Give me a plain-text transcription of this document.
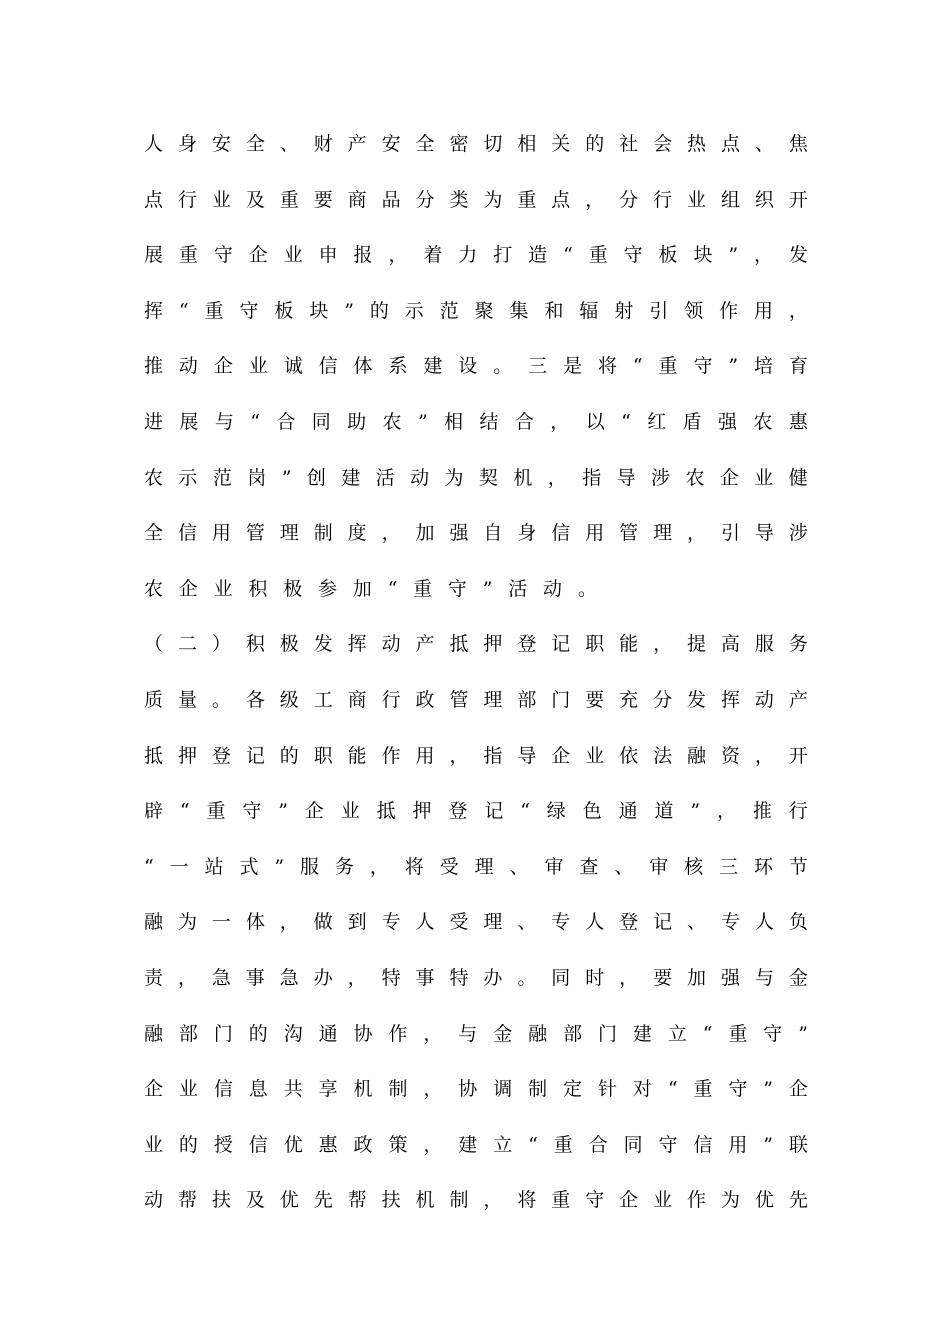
人 身 安 全 、 财 产 安 全 密 切 相 关 的 社 会 热 点 、 焦
点 行 业 及 重 要 商 品 分 类 为 重 点 ， 分 行 业 组 织 开
展 重 守 企 业 申 报 ， 着 力 打 造 “ 重 守 板 块 ” ， 发
挥 “ 重 守 板 块 ” 的 示 范 聚 集 和 辐 射 引 领 作 用 ，
推 动 企 业 诚 信 体 系 建 设 。 三 是 将 “ 重 守 ” 培 育
进 展 与 “ 合 同 助 农 ” 相 结 合 ， 以 “ 红 盾 强 农 惠
农 示 范 岗 ” 创 建 活 动 为 契 机 ， 指 导 涉 农 企 业 健
全 信 用 管 理 制 度 ， 加 强 自 身 信 用 管 理 ， 引 导 涉
农企业积极参加“重守”活动。
（ 二 ） 积 极 发 挥 动 产 抵 押 登 记 职 能 ， 提 高 服 务
质 量 。 各 级 工 商 行 政 管 理 部 门 要 充 分 发 挥 动 产
抵 押 登 记 的 职 能 作 用 ， 指 导 企 业 依 法 融 资 ， 开
辟 “ 重 守 ” 企 业 抵 押 登 记 “ 绿 色 通 道 ” ， 推 行
“ 一 站 式 ” 服 务 ， 将 受 理 、 审 查 、 审 核 三 环 节
融 为 一 体 ， 做 到 专 人 受 理 、 专 人 登 记 、 专 人 负
责 ， 急 事 急 办 ， 特 事 特 办 。 同 时 ， 要 加 强 与 金
融 部 门 的 沟 通 协 作 ， 与 金 融 部 门 建 立 “ 重 守 ”
企 业 信 息 共 享 机 制 ， 协 调 制 定 针 对 “ 重 守 ” 企
业 的 授 信 优 惠 政 策 ， 建 立 “ 重 合 同 守 信 用 ” 联
动 帮 扶 及 优 先 帮 扶 机 制 ， 将 重 守 企 业 作 为 优 先
